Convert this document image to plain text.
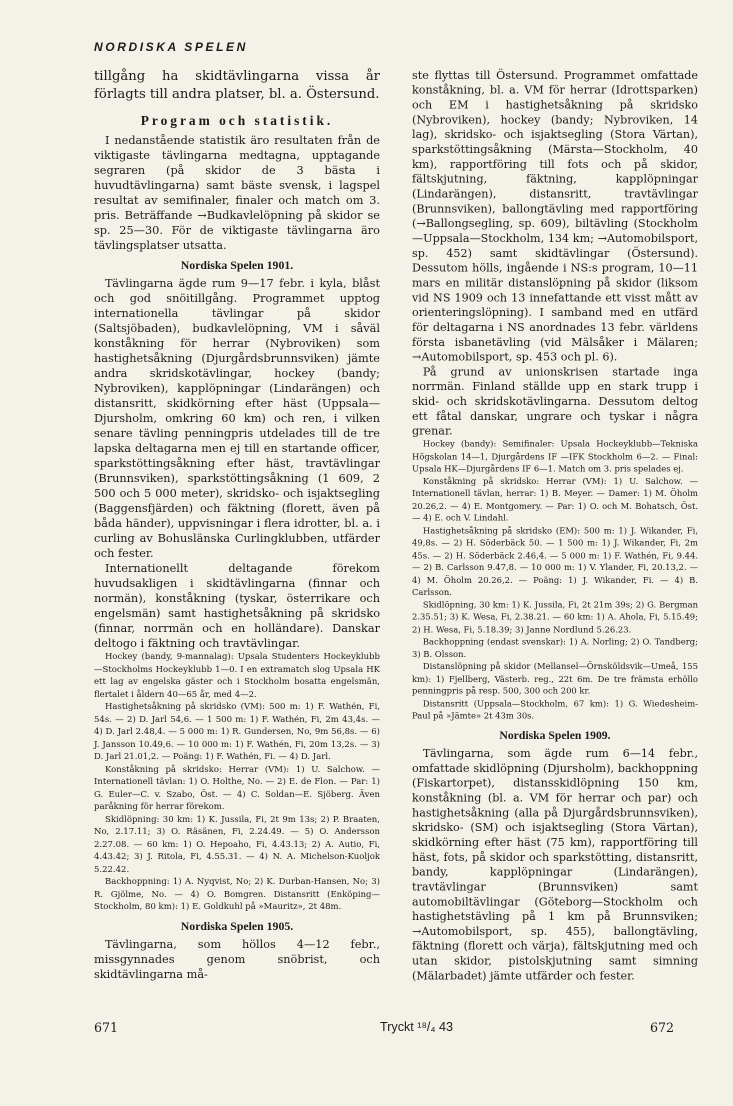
NORDISKA SPELEN

tillgång ha skidtävlingarna vissa år förlagts till andra platser, bl. a. Östersund.

Program och statistik.

I nedanstående statistik äro resultaten från de viktigaste tävlingarna medtagna, upptagande segraren (på skidor de 3 bästa i huvudtävlingarna) samt bäste svensk, i lagspel resultat av semifinaler, finaler och match om 3. pris. Beträffande →Budkavlelöpning på skidor se sp. 25—30. För de viktigaste tävlingarna äro tävlingsplatser utsatta.

Nordiska Spelen 1901.

Tävlingarna ägde rum 9—17 febr. i kyla, blåst och god snöitillgång. Programmet upptog internationella tävlingar på skidor (Saltsjöbaden), budkavlelöpning, VM i såväl konståkning för herrar (Nybroviken) som hastighetsåkning (Djurgårdsbrunnsviken) jämte andra skridskotävlingar, hockey (bandy; Nybroviken), kapplöpningar (Lindarängen) och distansritt, skidkörning efter häst (Uppsala—Djursholm, omkring 60 km) och ren, i vilken senare tävling penningpris utdelades till de tre lapska deltagarna men ej till en startande officer, sparkstöttingsåkning efter häst, travtävlingar (Brunnsviken), sparkstöttingsåkning (1 609, 2 500 och 5 000 meter), skridsko- och isjaktsegling (Baggensfjärden) och fäktning (florett, även på båda händer), uppvisningar i flera idrotter, bl. a. i curling av Bohuslänska Curlingklubben, utfärder och fester.

Internationellt deltagande förekom huvudsakligen i skidtävlingarna (finnar och normän), konståkning (tyskar, österrikare och engelsmän) samt hastighetsåkning på skridsko (finnar, norrmän och en holländare). Danskar deltogo i fäktning och travtävlingar.

Hockey (bandy, 9-mannalag): Upsala Studenters Hockeyklubb—Stockholms Hockeyklubb 1—0. I en extramatch slog Upsala HK ett lag av engelska gäster och i Stockholm bosatta engelsmän, flertalet i åldern 40—65 år, med 4—2.

Hastighetsåkning på skridsko (VM): 500 m: 1) F. Wathén, Fi, 54s. — 2) D. Jarl 54,6. — 1 500 m: 1) F. Wathén, Fi, 2m 43,4s. — 4) D. Jarl 2.48,4. — 5 000 m: 1) R. Gundersen, No, 9m 56,8s. — 6) J. Jansson 10.49,6. — 10 000 m: 1) F. Wathén, Fi, 20m 13,2s. — 3) D. Jarl 21.01,2. — Poäng: 1) F. Wathén, Fi. — 4) D. Jarl.

Konståkning på skridsko: Herrar (VM): 1) U. Salchow. — Internationell tävlan: 1) O. Holthe, No. — 2) E. de Flon. — Par: 1) G. Euler—C. v. Szabo, Öst. — 4) C. Soldan—E. Sjöberg. Även paråkning för herrar förekom.

Skidlöpning: 30 km: 1) K. Jussila, Fi, 2t 9m 13s; 2) P. Braaten, No, 2.17.11; 3) O. Räsänen, Fi, 2.24.49. — 5) O. Andersson 2.27.08. — 60 km: 1) O. Hepoaho, Fi, 4.43.13; 2) A. Autio, Fi, 4.43.42; 3) J. Ritola, Fi, 4.55.31. — 4) N. A. Michelson-Kuoljok 5.22.42.

Backhoppning: 1) A. Nyqvist, No; 2) K. Durban-Hansen, No; 3) R. Gjölme, No. — 4) O. Bomgren. Distansritt (Enköping—Stockholm, 80 km): 1) E. Goldkuhl på »Mauritz», 2t 48m.

Nordiska Spelen 1905.

Tävlingarna, som höllos 4—12 febr., missgynnades genom snöbrist, och skidtävlingarna må-

ste flyttas till Östersund. Programmet omfattade konståkning, bl. a. VM för herrar (Idrottsparken) och EM i hastighetsåkning på skridsko (Nybroviken), hockey (bandy; Nybroviken, 14 lag), skridsko- och isjaktsegling (Stora Värtan), sparkstöttingsåkning (Märsta—Stockholm, 40 km), rapportföring till fots och på skidor, fältskjutning, fäktning, kapplöpningar (Lindarängen), distansritt, travtävlingar (Brunnsviken), ballongtävling med rapportföring (→Ballongsegling, sp. 609), biltävling (Stockholm—Uppsala—Stockholm, 134 km; →Automobilsport, sp. 452) samt skidtävlingar (Östersund). Dessutom hölls, ingående i NS:s program, 10—11 mars en militär distanslöpning på skidor (liksom vid NS 1909 och 13 innefattande ett visst mått av orienteringslöpning). I samband med en utfärd för deltagarna i NS anordnades 13 febr. världens första isbanetävling (vid Mälsåker i Mälaren; →Automobilsport, sp. 453 och pl. 6).

På grund av unionskrisen startade inga norrmän. Finland ställde upp en stark trupp i skid- och skridskotävlingarna. Dessutom deltog ett fåtal danskar, ungrare och tyskar i några grenar.

Hockey (bandy): Semifinaler: Upsala Hockeyklubb—Tekniska Högskolan 14—1, Djurgårdens IF —IFK Stockholm 6—2. — Final: Upsala HK—Djurgårdens IF 6—1. Match om 3. pris spelades ej.

Konståkning på skridsko: Herrar (VM): 1) U. Salchow. — Internationell tävlan, herrar: 1) B. Meyer. — Damer: 1) M. Öholm 20.26,2. — 4) E. Montgomery. — Par: 1) O. och M. Bohatsch, Öst. — 4) E. och V. Lindahl.

Hastighetsåkning på skridsko (EM): 500 m: 1) J. Wikander, Fi, 49,8s. — 2) H. Söderbäck 50. — 1 500 m: 1) J. Wikander, Fi, 2m 45s. — 2) H. Söderbäck 2.46,4. — 5 000 m: 1) F. Wathén, Fi, 9.44. — 2) B. Carlsson 9.47,8. — 10 000 m: 1) V. Ylander, Fi, 20.13,2. — 4) M. Öholm 20.26,2. — Poäng: 1) J. Wikander, Fi. — 4) B. Carlsson.

Skidlöpning, 30 km: 1) K. Jussila, Fi, 2t 21m 39s; 2) G. Bergman 2.35.51; 3) K. Wesa, Fi, 2.38.21. — 60 km: 1) A. Ahola, Fi, 5.15.49; 2) H. Wesa, Fi, 5.18.39; 3) Janne Nordlund 5.26.23.

Backhoppning (endast svenskar): 1) A. Norling; 2) O. Tandberg; 3) B. Olsson.

Distanslöpning på skidor (Mellansel—Örnsköldsvik—Umeå, 155 km): 1) Fjellberg, Västerb. reg., 22t 6m. De tre främsta erhöllo penningpris på resp. 500, 300 och 200 kr.

Distansritt (Uppsala—Stockholm, 67 km): 1) G. Wiedesheim-Paul på »Jämte» 2t 43m 30s.

Nordiska Spelen 1909.

Tävlingarna, som ägde rum 6—14 febr., omfattade skidlöpning (Djursholm), backhoppning (Fiskartorpet), distansskidlöpning 150 km, konståkning (bl. a. VM för herrar och par) och hastighetsåkning (alla på Djurgårdsbrunnsviken), skridsko- (SM) och isjaktsegling (Stora Värtan), skidkörning efter häst (75 km), rapportföring till häst, fots, på skidor och sparkstötting, distansritt, bandy, kapplöpningar (Lindarängen), travtävlingar (Brunnsviken) samt automobiltävlingar (Göteborg—Stockholm och hastighetstävling på 1 km på Brunnsviken; →Automobilsport, sp. 455), ballongtävling, fäktning (florett och värja), fältskjutning med och utan skidor, pistolskjutning samt simning (Mälarbadet) jämte utfärder och fester.

671	Tryckt ¹⁸/₄ 43	672
